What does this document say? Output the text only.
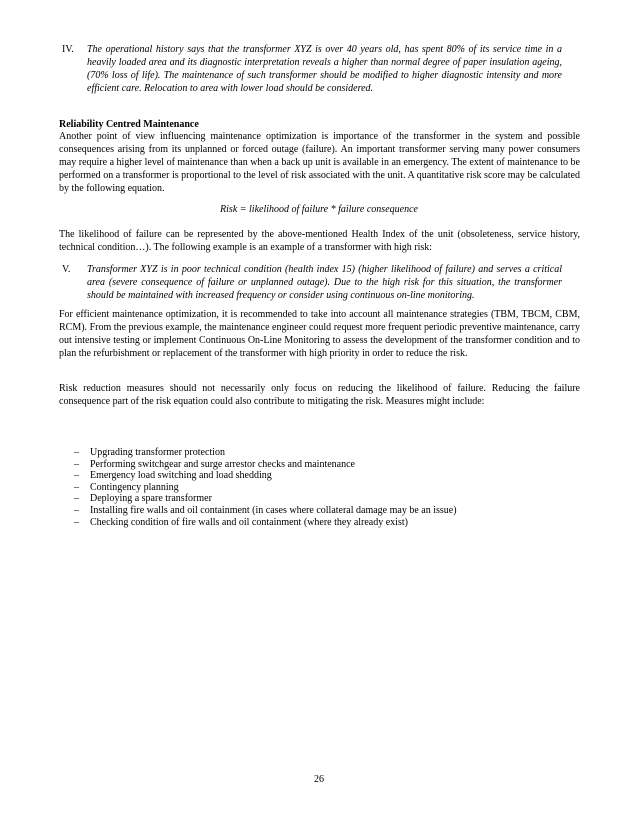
IV. The operational history says that the transformer XYZ is over 40 years old, has spent 80% of its service time in a heavily loaded area and its diagnostic interpretation reveals a higher than normal degree of paper insulation ageing, (70% loss of life). The maintenance of such transformer should be modified to higher diagnostic intensity and more efficient care. Relocation to area with lower load should be considered.

Reliability Centred Maintenance

Another point of view influencing maintenance optimization is importance of the transformer in the system and possible consequences arising from its unplanned or forced outage (failure). An important transformer serving many power consumers may require a higher level of maintenance than when a back up unit is available in an emergency. The extent of maintenance to be performed on a transformer is proportional to the level of risk associated with the unit. A quantitative risk score may be calculated by the following equation.

Risk = likelihood of failure * failure consequence

The likelihood of failure can be represented by the above-mentioned Health Index of the unit (obsoleteness, service history, technical condition…). The following example is an example of a transformer with high risk:

V. Transformer XYZ is in poor technical condition (health index 15) (higher likelihood of failure) and serves a critical area (severe consequence of failure or unplanned outage). Due to the high risk for this situation, the transformer should be maintained with increased frequency or consider using continuous on-line monitoring.

For efficient maintenance optimization, it is recommended to take into account all maintenance strategies (TBM, TBCM, CBM, RCM). From the previous example, the maintenance engineer could request more frequent periodic preventive maintenance, carry out intensive testing or implement Continuous On-Line Monitoring to assess the development of the transformer condition and to plan the refurbishment or replacement of the transformer with high priority in order to reduce the risk.

Risk reduction measures should not necessarily only focus on reducing the likelihood of failure. Reducing the failure consequence part of the risk equation could also contribute to mitigating the risk. Measures might include:

– Upgrading transformer protection
– Performing switchgear and surge arrestor checks and maintenance
– Emergency load switching and load shedding
– Contingency planning
– Deploying a spare transformer
– Installing fire walls and oil containment (in cases where collateral damage may be an issue)
– Checking condition of fire walls and oil containment (where they already exist)
26
